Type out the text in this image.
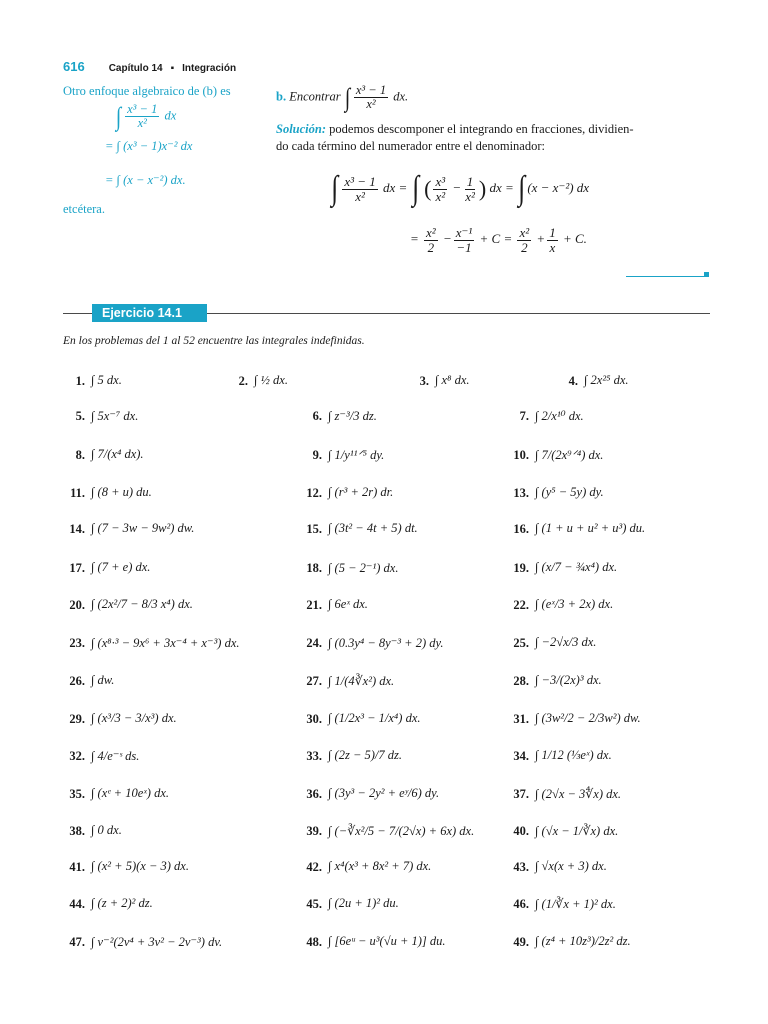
616 Capítulo 14 ▪ Integración
Otro enfoque algebraico de (b) es
∫ $\frac{\text{x³ − 1}}{\text{x²}}$ dx
= ∫ (x³ − 1)x⁻² dx
= ∫ (x − x⁻²) dx.
etcétera.
b. Encontrar ∫ $\frac{\text{x³ − 1}}{\text{x²}}$ dx.
Solución: podemos descomponer el integrando en fracciones, dividien-
do cada término del numerador entre el denominador:
∫ $\frac{\text{x³ − 1}}{\text{x²}}$ dx = ∫ ( $\frac{\text{x³}}{\text{x²}} - \frac{1}{\text{x²}}$ ) dx = ∫ (x − x⁻²) dx
= $\frac{\text{x²}}{2} - \frac{\text{x⁻¹}}{-1} + C = \frac{\text{x²}}{2} + \frac{1}{x} + C$.
Ejercicio 14.1
En los problemas del 1 al 52 encuentre las integrales indefinidas.
1. ∫ 5 dx.	2. ∫ ½ dx.	3. ∫ x⁸ dx.	4. ∫ 2x²⁵ dx.
5. ∫ 5x⁻⁷ dx.	6. ∫ z⁻³/3 dz.	7. ∫ 2/x¹⁰ dx.
8. ∫ 7/(x⁴ dx).	9. ∫ 1/y¹¹ᐟ⁵ dy.	10. ∫ 7/(2x⁹ᐟ⁴) dx.
11. ∫ (8 + u) du.	12. ∫ (r³ + 2r) dr.	13. ∫ (y⁵ − 5y) dy.
14. ∫ (7 − 3w − 9w²) dw.	15. ∫ (3t² − 4t + 5) dt.	16. ∫ (1 + u + u² + u³) du.
17. ∫ (7 + e) dx.	18. ∫ (5 − 2⁻¹) dx.	19. ∫ (x/7 − ¾x⁴) dx.
20. ∫ (2x²/7 − 8/3 x⁴) dx.	21. ∫ 6eˣ dx.	22. ∫ (eˣ/3 + 2x) dx.
23. ∫ (x⁸·³ − 9x⁶ + 3x⁻⁴ + x⁻³) dx.	24. ∫ (0.3y⁴ − 8y⁻³ + 2) dy.	25. ∫ −2√x/3 dx.
26. ∫ dw.	27. ∫ 1/(4∛x²) dx.	28. ∫ −3/(2x)³ dx.
29. ∫ (x³/3 − 3/x³) dx.	30. ∫ (1/2x³ − 1/x⁴) dx.	31. ∫ (3w²/2 − 2/3w²) dw.
32. ∫ 4/e⁻ˢ ds.	33. ∫ (2z − 5)/7 dz.	34. ∫ 1/12 (⅓eˣ) dx.
35. ∫ (xᵉ + 10eˣ) dx.	36. ∫ (3y³ − 2y² + eʸ/6) dy.	37. ∫ (2√x − 3∜x) dx.
38. ∫ 0 dx.	39. ∫ (−∛x²/5 − 7/(2√x) + 6x) dx.	40. ∫ (√x − 1/∛x) dx.
41. ∫ (x² + 5)(x − 3) dx.	42. ∫ x⁴(x³ + 8x² + 7) dx.	43. ∫ √x(x + 3) dx.
44. ∫ (z + 2)² dz.	45. ∫ (2u + 1)² du.	46. ∫ (1/∛x + 1)² dx.
47. ∫ v⁻²(2v⁴ + 3v² − 2v⁻³) dv.	48. ∫ [6eᵘ − u³(√u + 1)] du.	49. ∫ (z⁴ + 10z³)/2z² dz.
